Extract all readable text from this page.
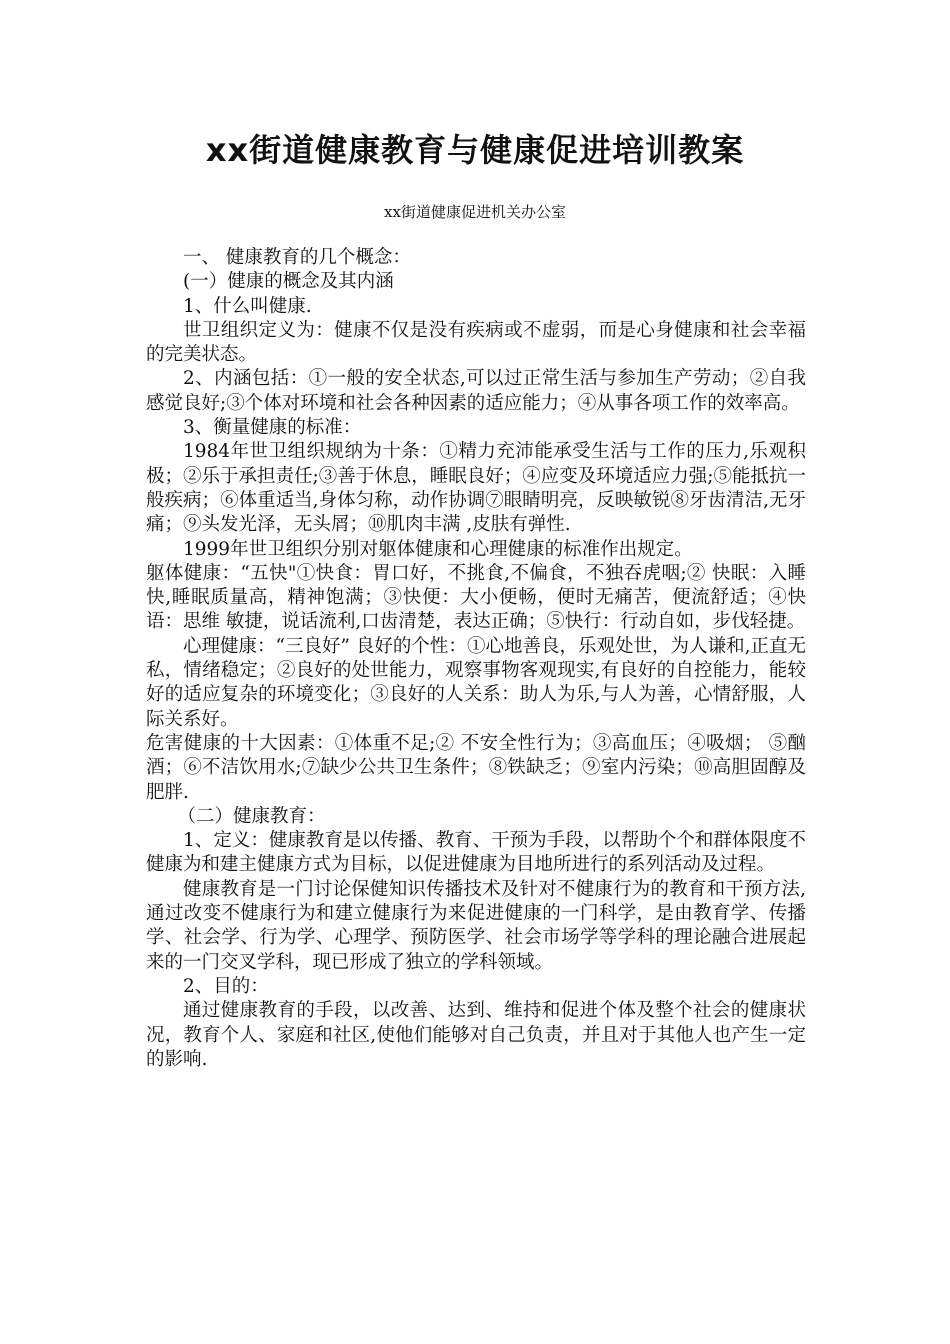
xx街道健康教育与健康促进培训教案
xx街道健康促进机关办公室

一、 健康教育的几个概念：

(一）健康的概念及其内涵

1、什么叫健康.

世卫组织定义为：健康不仅是没有疾病或不虚弱，而是心身健康和社会幸福的完美状态。

2、内涵包括：①一般的安全状态,可以过正常生活与参加生产劳动；②自我感觉良好;③个体对环境和社会各种因素的适应能力；④从事各项工作的效率高。

3、衡量健康的标准：

1984年世卫组织规纳为十条：①精力充沛能承受生活与工作的压力,乐观积极；②乐于承担责任;③善于休息，睡眠良好；④应变及环境适应力强;⑤能抵抗一般疾病；⑥体重适当,身体匀称，动作协调⑦眼睛明亮，反映敏锐⑧牙齿清洁,无牙痛；⑨头发光泽，无头屑；⑩肌肉丰满 ,皮肤有弹性.

1999年世卫组织分别对躯体健康和心理健康的标准作出规定。

躯体健康：“五快"①快食：胃口好，不挑食,不偏食，不独吞虎咽;② 快眠：入睡快,睡眠质量高，精神饱满；③快便：大小便畅，便时无痛苦，便流舒适；④快语：思维 敏捷，说话流利,口齿清楚，表达正确；⑤快行：行动自如，步伐轻捷。

心理健康：“三良好” 良好的个性：①心地善良，乐观处世，为人谦和,正直无私，情绪稳定；②良好的处世能力，观察事物客观现实,有良好的自控能力，能较好的适应复杂的环境变化；③良好的人关系：助人为乐,与人为善，心情舒服，人际关系好。

危害健康的十大因素：①体重不足;② 不安全性行为；③高血压；④吸烟； ⑤酗酒；⑥不洁饮用水;⑦缺少公共卫生条件；⑧铁缺乏；⑨室内污染；⑩高胆固醇及肥胖.

（二）健康教育：

1、定义：健康教育是以传播、教育、干预为手段，以帮助个个和群体限度不健康为和建主健康方式为目标，以促进健康为目地所进行的系列活动及过程。

健康教育是一门讨论保健知识传播技术及针对不健康行为的教育和干预方法,通过改变不健康行为和建立健康行为来促进健康的一门科学，是由教育学、传播学、社会学、行为学、心理学、预防医学、社会市场学等学科的理论融合进展起来的一门交叉学科，现已形成了独立的学科领域。

2、目的：

通过健康教育的手段，以改善、达到、维持和促进个体及整个社会的健康状况，教育个人、家庭和社区,使他们能够对自己负责，并且对于其他人也产生一定的影响.
